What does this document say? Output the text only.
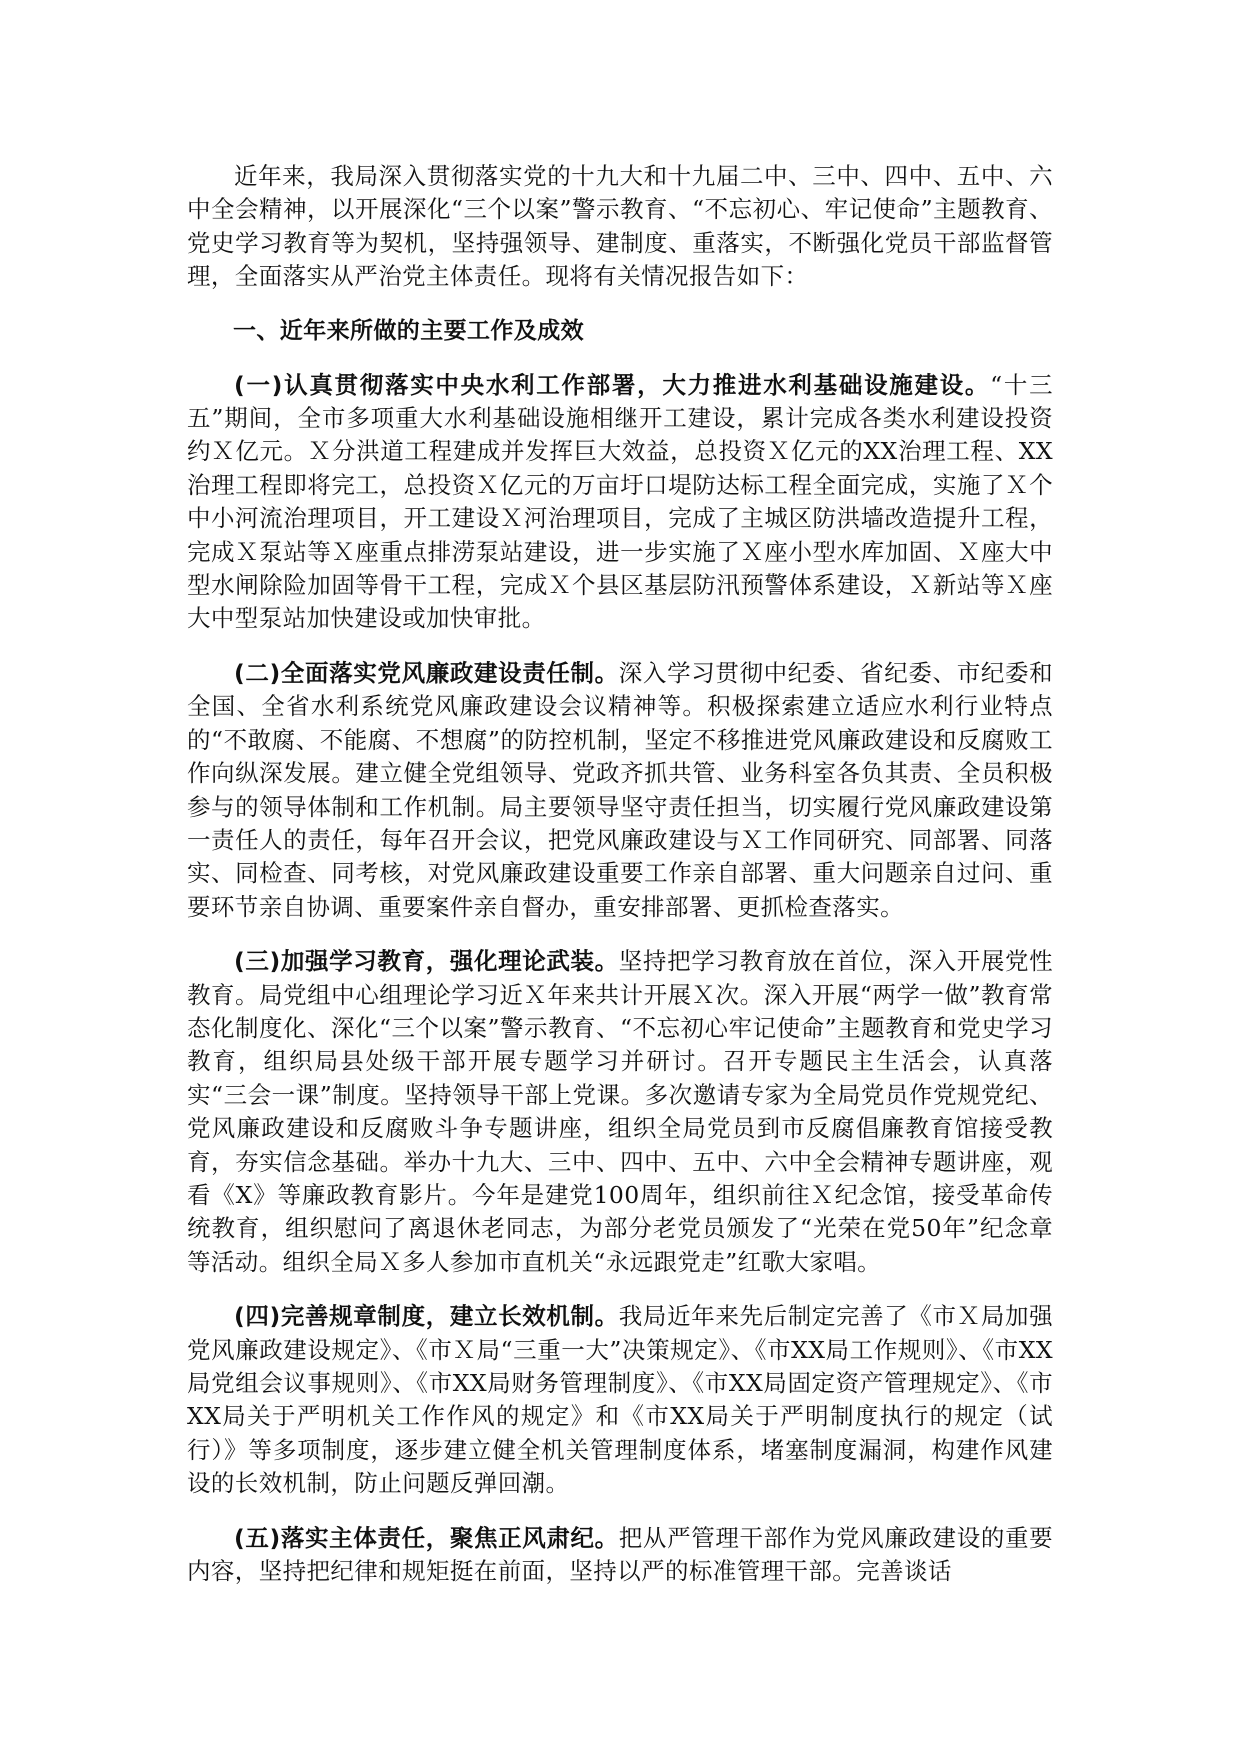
近年来，我局深入贯彻落实党的十九大和十九届二中、三中、四中、五中、六中全会精神，以开展深化“三个以案”警示教育、“不忘初心、牢记使命”主题教育、党史学习教育等为契机，坚持强领导、建制度、重落实，不断强化党员干部监督管理，全面落实从严治党主体责任。现将有关情况报告如下：

一、近年来所做的主要工作及成效

(一)认真贯彻落实中央水利工作部署，大力推进水利基础设施建设。“十三五”期间，全市多项重大水利基础设施相继开工建设，累计完成各类水利建设投资约Ｘ亿元。Ｘ分洪道工程建成并发挥巨大效益，总投资Ｘ亿元的XX治理工程、XX治理工程即将完工，总投资Ｘ亿元的万亩圩口堤防达标工程全面完成，实施了Ｘ个中小河流治理项目，开工建设Ｘ河治理项目，完成了主城区防洪墙改造提升工程，完成Ｘ泵站等Ｘ座重点排涝泵站建设，进一步实施了Ｘ座小型水库加固、Ｘ座大中型水闸除险加固等骨干工程，完成Ｘ个县区基层防汛预警体系建设，Ｘ新站等Ｘ座大中型泵站加快建设或加快审批。

(二)全面落实党风廉政建设责任制。深入学习贯彻中纪委、省纪委、市纪委和全国、全省水利系统党风廉政建设会议精神等。积极探索建立适应水利行业特点的“不敢腐、不能腐、不想腐”的防控机制，坚定不移推进党风廉政建设和反腐败工作向纵深发展。建立健全党组领导、党政齐抓共管、业务科室各负其责、全员积极参与的领导体制和工作机制。局主要领导坚守责任担当，切实履行党风廉政建设第一责任人的责任，每年召开会议，把党风廉政建设与Ｘ工作同研究、同部署、同落实、同检查、同考核，对党风廉政建设重要工作亲自部署、重大问题亲自过问、重要环节亲自协调、重要案件亲自督办，重安排部署、更抓检查落实。

(三)加强学习教育，强化理论武装。坚持把学习教育放在首位，深入开展党性教育。局党组中心组理论学习近Ｘ年来共计开展Ｘ次。深入开展“两学一做”教育常态化制度化、深化“三个以案”警示教育、“不忘初心牢记使命”主题教育和党史学习教育，组织局县处级干部开展专题学习并研讨。召开专题民主生活会，认真落实“三会一课”制度。坚持领导干部上党课。多次邀请专家为全局党员作党规党纪、党风廉政建设和反腐败斗争专题讲座，组织全局党员到市反腐倡廉教育馆接受教育，夯实信念基础。举办十九大、三中、四中、五中、六中全会精神专题讲座，观看《X》等廉政教育影片。今年是建党100周年，组织前往Ｘ纪念馆，接受革命传统教育，组织慰问了离退休老同志，为部分老党员颁发了“光荣在党50年”纪念章等活动。组织全局Ｘ多人参加市直机关“永远跟党走”红歌大家唱。

(四)完善规章制度，建立长效机制。我局近年来先后制定完善了《市Ｘ局加强党风廉政建设规定》、《市Ｘ局“三重一大”决策规定》、《市XX局工作规则》、《市XX局党组会议事规则》、《市XX局财务管理制度》、《市XX局固定资产管理规定》、《市XX局关于严明机关工作作风的规定》和《市XX局关于严明制度执行的规定（试行）》等多项制度，逐步建立健全机关管理制度体系，堵塞制度漏洞，构建作风建设的长效机制，防止问题反弹回潮。

(五)落实主体责任，聚焦正风肃纪。把从严管理干部作为党风廉政建设的重要内容，坚持把纪律和规矩挺在前面，坚持以严的标准管理干部。完善谈话
